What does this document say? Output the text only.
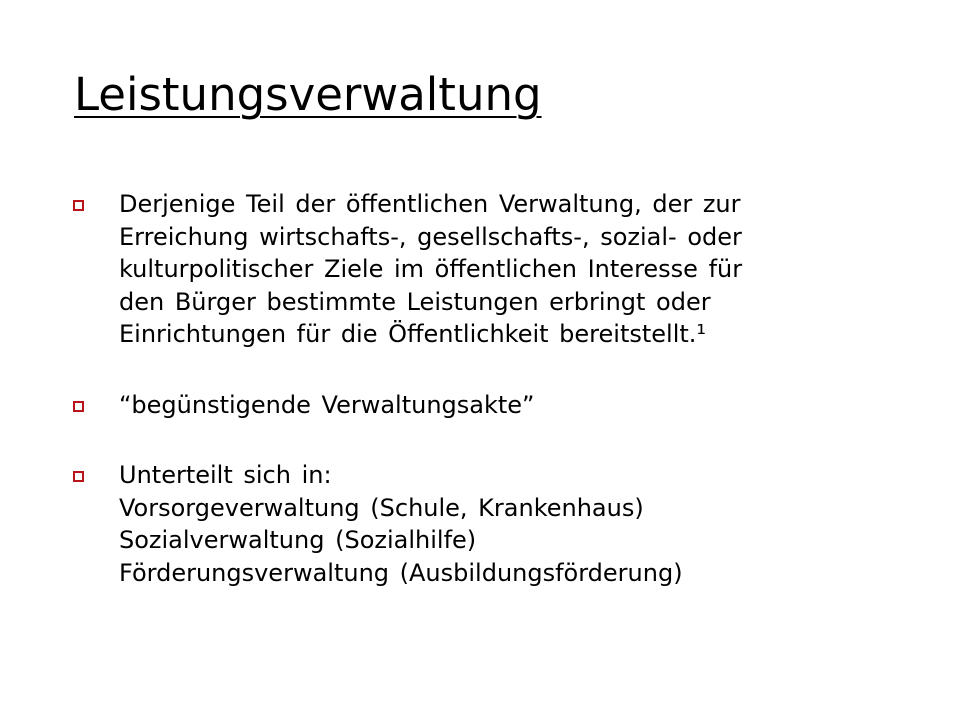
Leistungsverwaltung
Derjenige Teil der öffentlichen Verwaltung, der zur
Erreichung wirtschafts-, gesellschafts-, sozial- oder
kulturpolitischer Ziele im öffentlichen Interesse für
den Bürger bestimmte Leistungen erbringt oder
Einrichtungen für die Öffentlichkeit bereitstellt.¹
“begünstigende Verwaltungsakte”
Unterteilt sich in:
Vorsorgeverwaltung (Schule, Krankenhaus)
Sozialverwaltung (Sozialhilfe)
Förderungsverwaltung (Ausbildungsförderung)
